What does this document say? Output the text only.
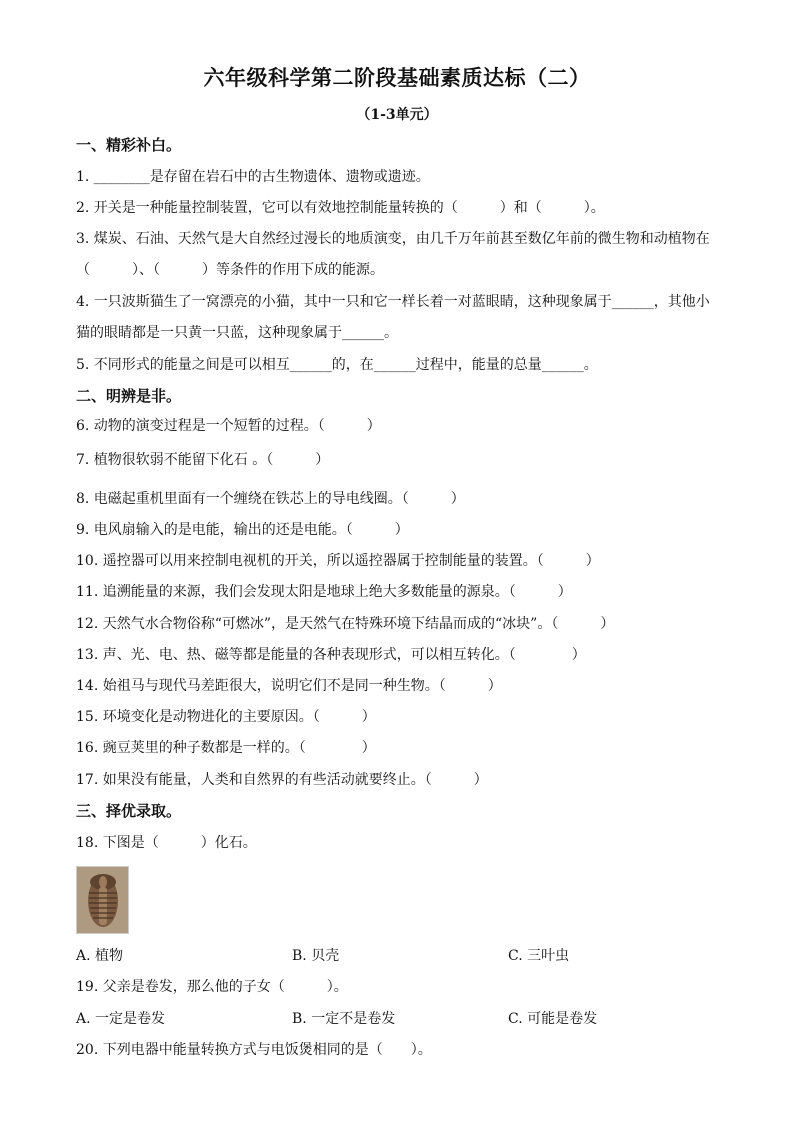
六年级科学第二阶段基础素质达标（二）
（1-3单元）
一、精彩补白。
1. ________是存留在岩石中的古生物遗体、遗物或遗迹。
2. 开关是一种能量控制装置，它可以有效地控制能量转换的（　　　）和（　　　）。
3. 煤炭、石油、天然气是大自然经过漫长的地质演变，由几千万年前甚至数亿年前的微生物和动植物在
（　　　）、（　　　）等条件的作用下成的能源。
4. 一只波斯猫生了一窝漂亮的小猫，其中一只和它一样长着一对蓝眼睛，这种现象属于______，其他小
猫的眼睛都是一只黄一只蓝，这种现象属于______。
5. 不同形式的能量之间是可以相互______的，在______过程中，能量的总量______。
二、明辨是非。
6. 动物的演变过程是一个短暂的过程。（　　　）
7. 植物很软弱不能留下化石 。（　　　）
8. 电磁起重机里面有一个缠绕在铁芯上的导电线圈。（　　　）
9. 电风扇输入的是电能，输出的还是电能。（　　　）
10. 遥控器可以用来控制电视机的开关，所以遥控器属于控制能量的装置。（　　　）
11. 追溯能量的来源，我们会发现太阳是地球上绝大多数能量的源泉。（　　　）
12. 天然气水合物俗称“可燃冰”，是天然气在特殊环境下结晶而成的“冰块”。（　　　）
13. 声、光、电、热、磁等都是能量的各种表现形式，可以相互转化。（　　　　）
14. 始祖马与现代马差距很大，说明它们不是同一种生物。（　　　）
15. 环境变化是动物进化的主要原因。（　　　）
16. 豌豆荚里的种子数都是一样的。（　　　　）
17. 如果没有能量，人类和自然界的有些活动就要终止。（　　　）
三、择优录取。
18. 下图是（　　　）化石。
A. 植物	B. 贝壳	C. 三叶虫
19. 父亲是卷发，那么他的子女（　　　）。
A. 一定是卷发	B. 一定不是卷发	C. 可能是卷发
20. 下列电器中能量转换方式与电饭煲相同的是（　　）。
